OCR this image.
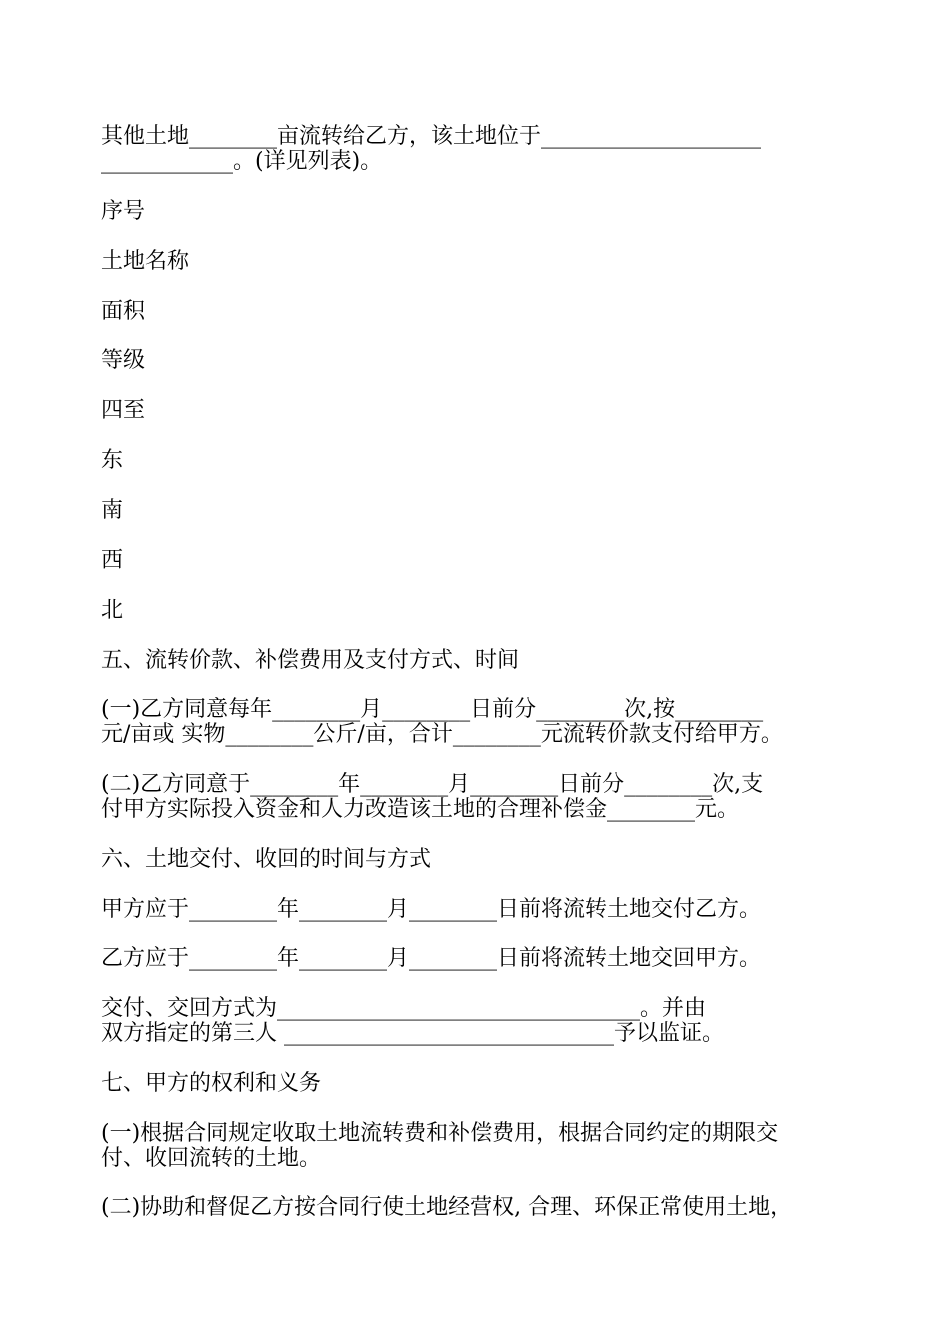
其他土地________亩流转给乙方，该土地位于____________________
____________。(详见列表)。
序号
土地名称
面积
等级
四至
东
南
西
北
五、流转价款、补偿费用及支付方式、时间
(一)乙方同意每年________月________日前分________次,按________
元/亩或 实物________公斤/亩，合计________元流转价款支付给甲方。
(二)乙方同意于________年________月________日前分________次,支
付甲方实际投入资金和人力改造该土地的合理补偿金________元。
六、土地交付、收回的时间与方式
甲方应于________年________月________日前将流转土地交付乙方。
乙方应于________年________月________日前将流转土地交回甲方。
交付、交回方式为_________________________________。并由
双方指定的第三人 ______________________________予以监证。
七、甲方的权利和义务
(一)根据合同规定收取土地流转费和补偿费用，根据合同约定的期限交
付、收回流转的土地。
(二)协助和督促乙方按合同行使土地经营权, 合理、环保正常使用土地，
